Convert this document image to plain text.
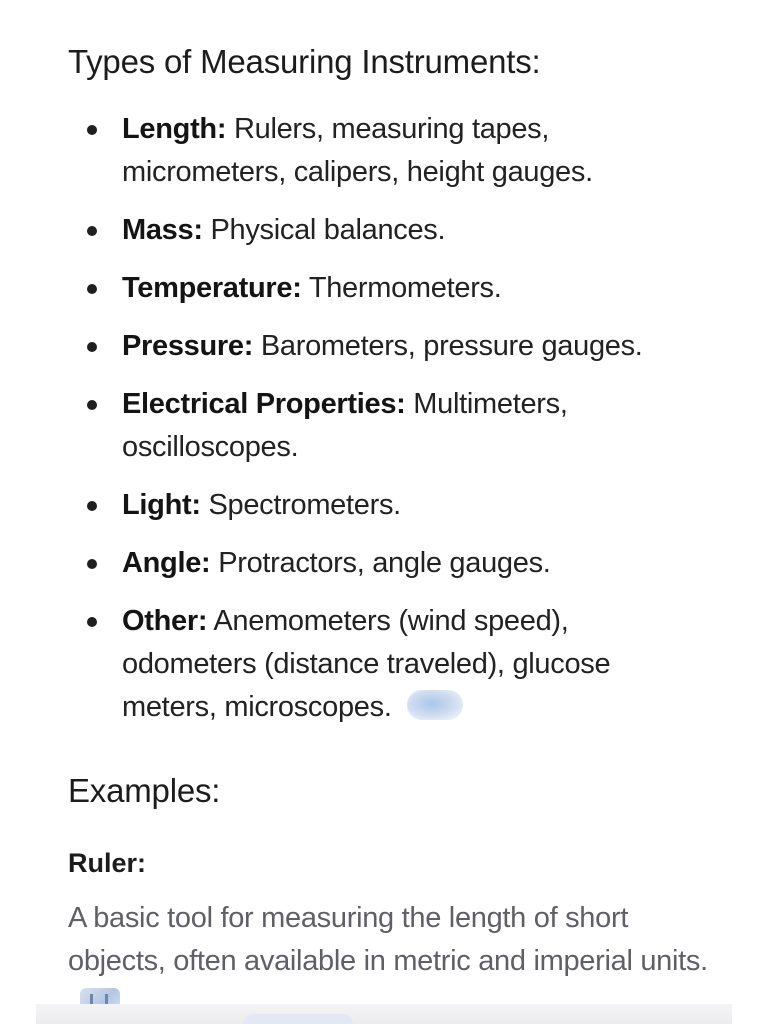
Types of Measuring Instruments:
Length: Rulers, measuring tapes, micrometers, calipers, height gauges.
Mass: Physical balances.
Temperature: Thermometers.
Pressure: Barometers, pressure gauges.
Electrical Properties: Multimeters, oscilloscopes.
Light: Spectrometers.
Angle: Protractors, angle gauges.
Other: Anemometers (wind speed), odometers (distance traveled), glucose meters, microscopes.
Examples:
Ruler:

A basic tool for measuring the length of short objects, often available in metric and imperial units.
